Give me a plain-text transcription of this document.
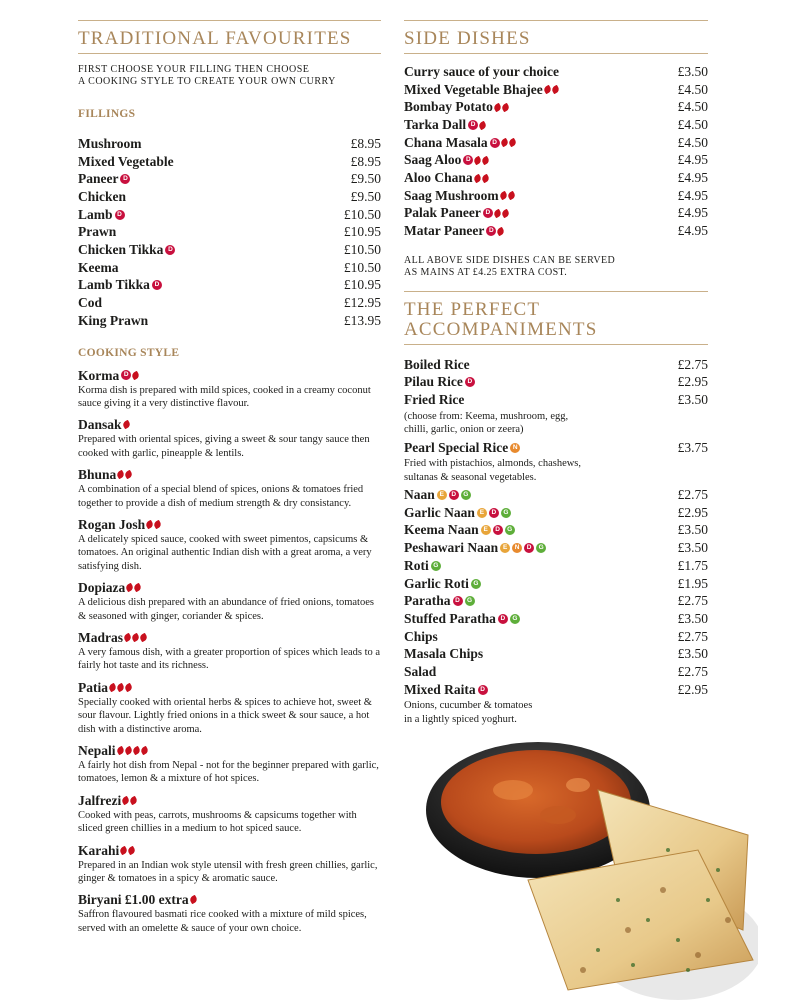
TRADITIONAL FAVOURITES
FIRST CHOOSE YOUR FILLING THEN CHOOSE
A COOKING STYLE TO CREATE YOUR OWN CURRY
FILLINGS
Mushroom	£8.95
Mixed Vegetable	£8.95
Paneer D	£9.50
Chicken	£9.50
Lamb D	£10.50
Prawn	£10.95
Chicken Tikka D	£10.50
Keema	£10.50
Lamb Tikka D	£10.95
Cod	£12.95
King Prawn	£13.95
COOKING STYLE
Korma D
Korma dish is prepared with mild spices, cooked in a creamy coconut sauce giving it a very distinctive flavour.
Dansak
Prepared with oriental spices, giving a sweet & sour tangy sauce then cooked with garlic, pineapple & lentils.
Bhuna
A combination of a special blend of spices, onions & tomatoes fried together to provide a dish of medium strength & dry consistancy.
Rogan Josh
A delicately spiced sauce, cooked with sweet pimentos, capsicums & tomatoes. An original authentic Indian dish with a great aroma, a very satisfying dish.
Dopiaza
A delicious dish prepared with an abundance of fried onions, tomatoes & seasoned with ginger, coriander & spices.
Madras
A very famous dish, with a greater proportion of spices which leads to a fairly hot taste and its richness.
Patia
Specially cooked with oriental herbs & spices to achieve hot, sweet & sour flavour. Lightly fried onions in a thick sweet & sour sauce, a hot dish with a distinctive aroma.
Nepali
A fairly hot dish from Nepal - not for the beginner prepared with garlic, tomatoes, lemon & a mixture of hot spices.
Jalfrezi
Cooked with peas, carrots, mushrooms & capsicums together with sliced green chillies in a medium to hot spiced sauce.
Karahi
Prepared in an Indian wok style utensil with fresh green chillies, garlic, ginger & tomatoes in a spicy & aromatic sauce.
Biryani £1.00 extra
Saffron flavoured basmati rice cooked with a mixture of mild spices, served with an omelette & sauce of your own choice.
SIDE DISHES
Curry sauce of your choice	£3.50
Mixed Vegetable Bhajee	£4.50
Bombay Potato	£4.50
Tarka Dall D	£4.50
Chana Masala D	£4.50
Saag Aloo D	£4.95
Aloo Chana	£4.95
Saag Mushroom	£4.95
Palak Paneer D	£4.95
Matar Paneer D	£4.95
ALL ABOVE SIDE DISHES CAN BE SERVED
AS MAINS AT £4.25 EXTRA COST.
THE PERFECT
ACCOMPANIMENTS
Boiled Rice	£2.75
Pilau Rice D	£2.95
Fried Rice	£3.50
(choose from: Keema, mushroom, egg,
chilli, garlic, onion or zeera)
Pearl Special Rice N	£3.75
Fried with pistachios, almonds, chashews,
sultanas & seasonal vegetables.
Naan E	D	G	£2.75
Garlic Naan E	D	G	£2.95
Keema Naan E	D	G	£3.50
Peshawari Naan E	N	D	G	£3.50
Roti G	£1.75
Garlic Roti G	£1.95
Paratha D	G	£2.75
Stuffed Paratha D	G	£3.50
Chips	£2.75
Masala Chips	£3.50
Salad	£2.75
Mixed Raita D	£2.95
Onions, cucumber & tomatoes
in a lightly spiced yoghurt.
